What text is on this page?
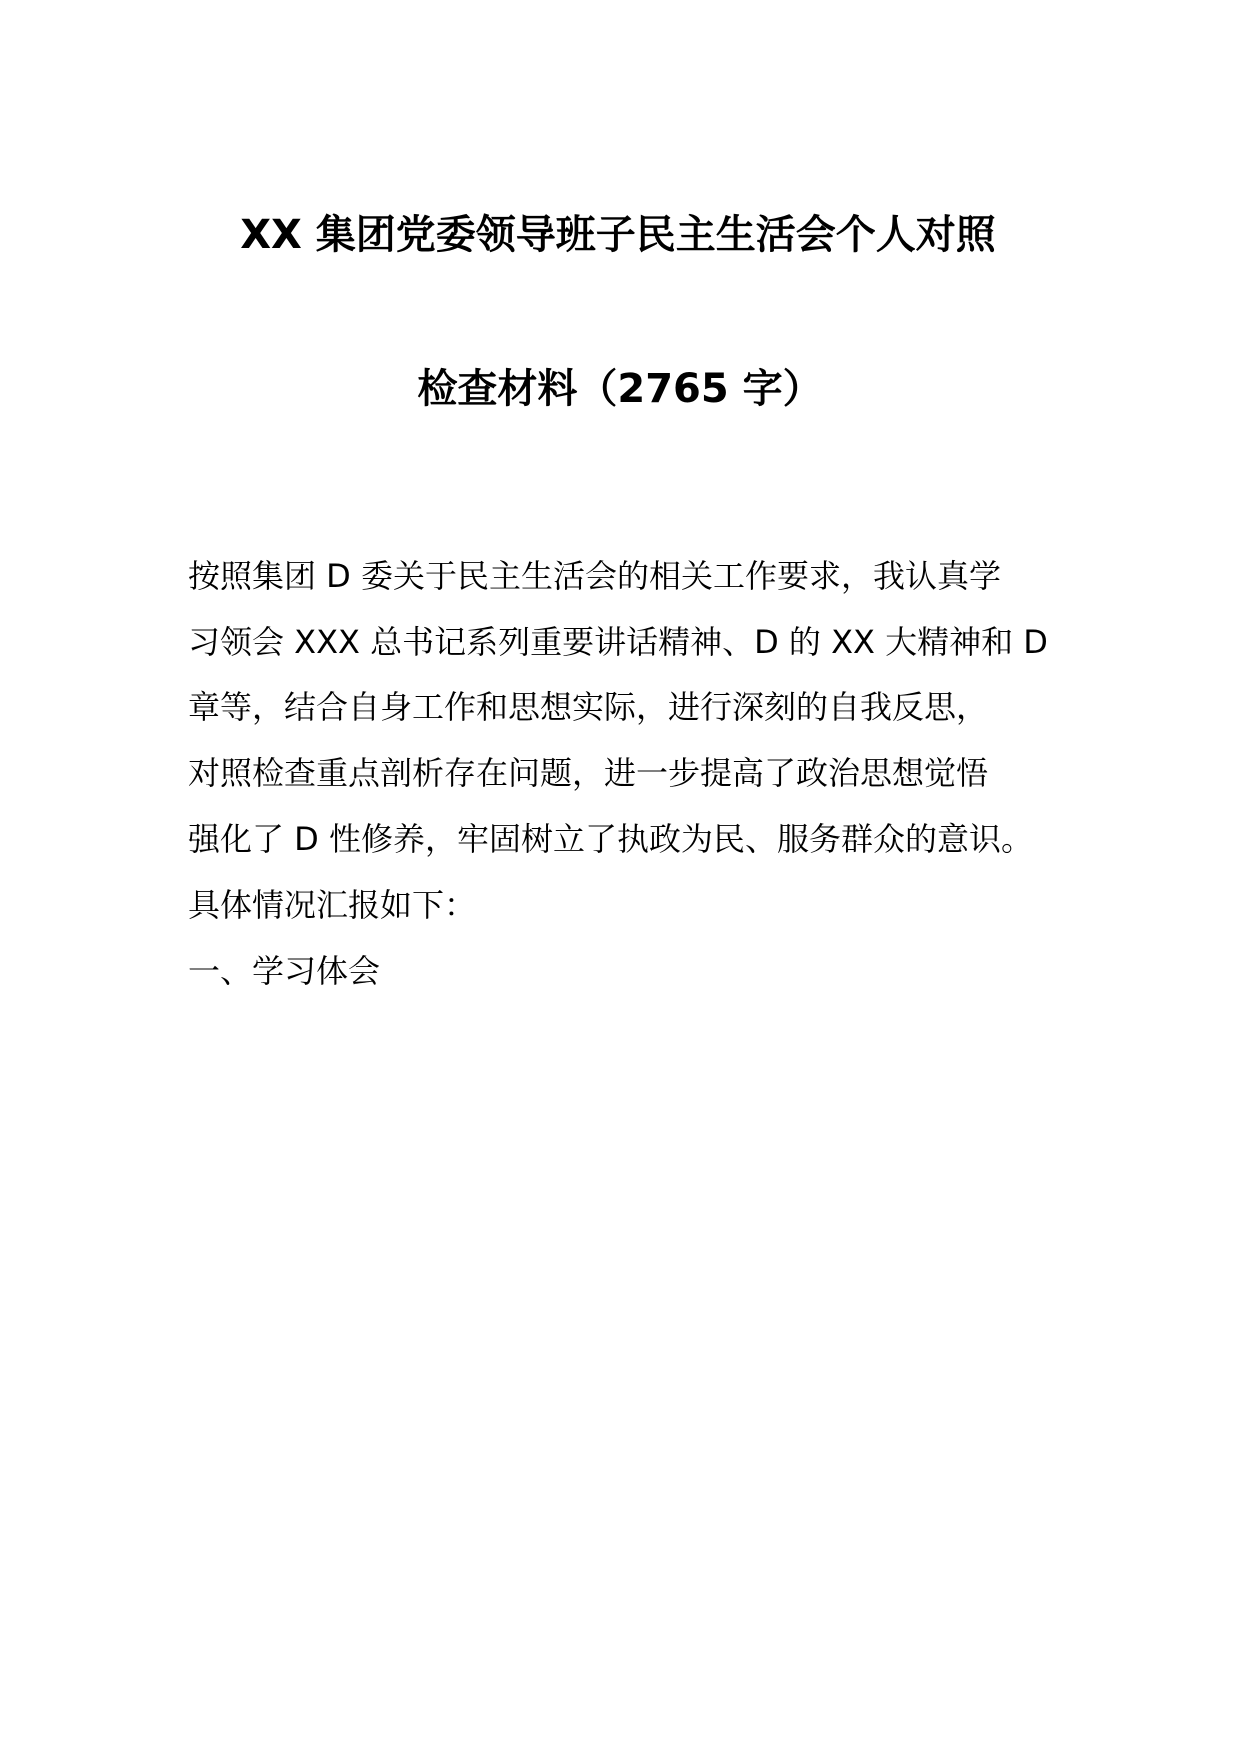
XX 集团党委领导班子民主生活会个人对照
检查材料（2765 字）

按照集团 D 委关于民主生活会的相关工作要求，我认真学

习领会 XXX 总书记系列重要讲话精神、D 的 XX 大精神和 D

章等，结合自身工作和思想实际，进行深刻的自我反思，

对照检查重点剖析存在问题，进一步提高了政治思想觉悟

强化了 D 性修养，牢固树立了执政为民、服务群众的意识。

具体情况汇报如下：

一、学习体会
